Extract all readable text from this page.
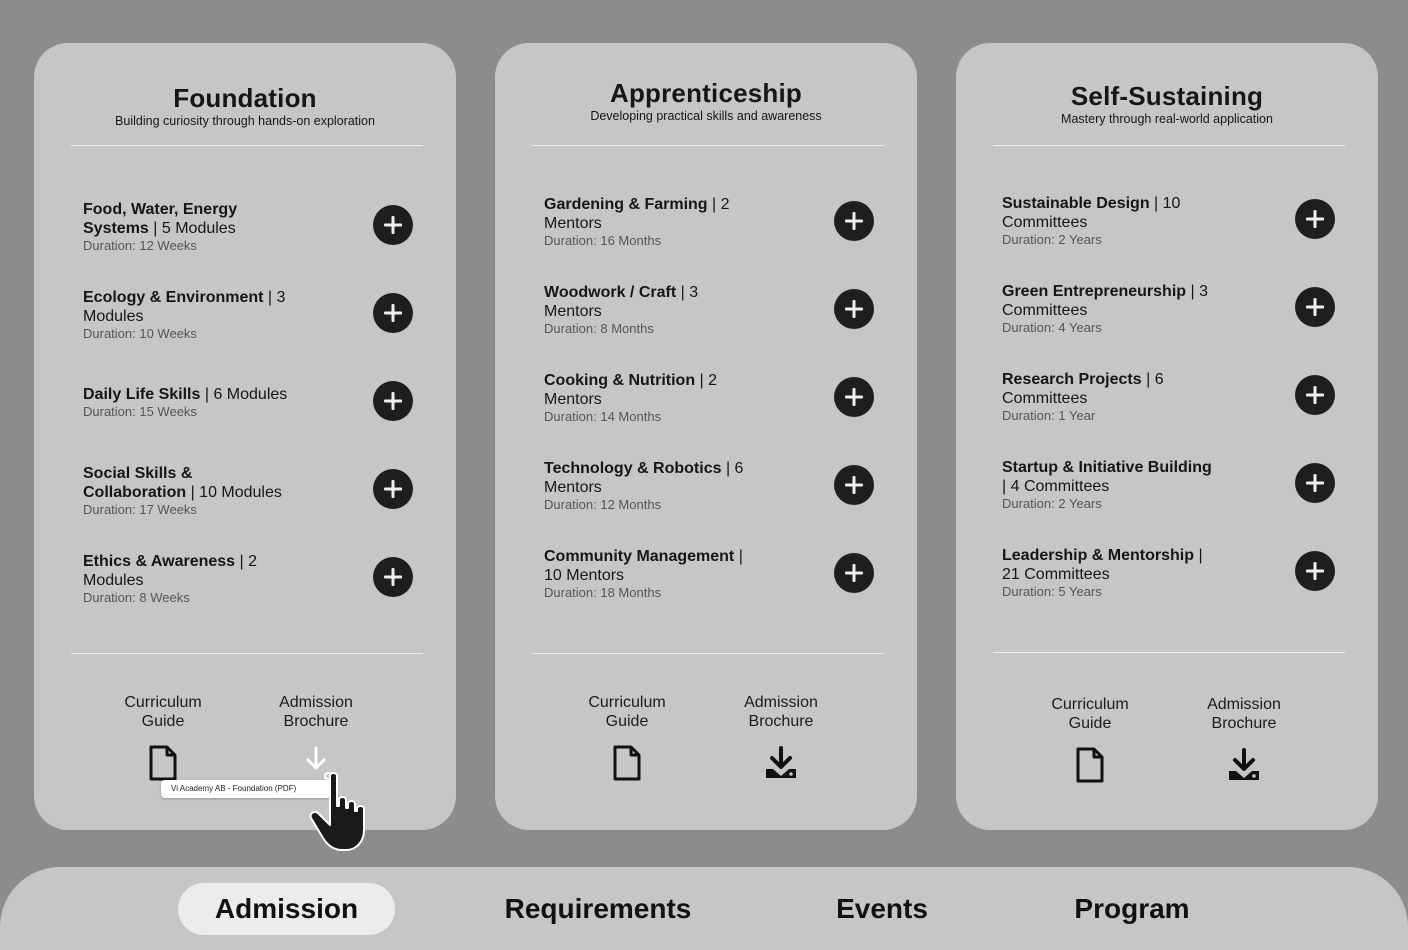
Foundation
Building curiosity through hands-on exploration
Food, Water, Energy Systems | 5 Modules
Duration: 12 Weeks
Ecology & Environment | 3 Modules
Duration: 10 Weeks
Daily Life Skills | 6 Modules
Duration: 15 Weeks
Social Skills & Collaboration | 10 Modules
Duration: 17 Weeks
Ethics & Awareness | 2 Modules
Duration: 8 Weeks
Curriculum Guide
Admission Brochure
Apprenticeship
Developing practical skills and awareness
Gardening & Farming | 2 Mentors
Duration: 16 Months
Woodwork / Craft | 3 Mentors
Duration: 8 Months
Cooking & Nutrition | 2 Mentors
Duration: 14 Months
Technology & Robotics | 6 Mentors
Duration: 12 Months
Community Management | 10 Mentors
Duration: 18 Months
Curriculum Guide
Admission Brochure
Self-Sustaining
Mastery through real-world application
Sustainable Design | 10 Committees
Duration: 2 Years
Green Entrepreneurship | 3 Committees
Duration: 4 Years
Research Projects | 6 Committees
Duration: 1 Year
Startup & Initiative Building | 4 Committees
Duration: 2 Years
Leadership & Mentorship | 21 Committees
Duration: 5 Years
Curriculum Guide
Admission Brochure
Vi Academy AB - Foundation (PDF)
Admission	Requirements	Events	Program
